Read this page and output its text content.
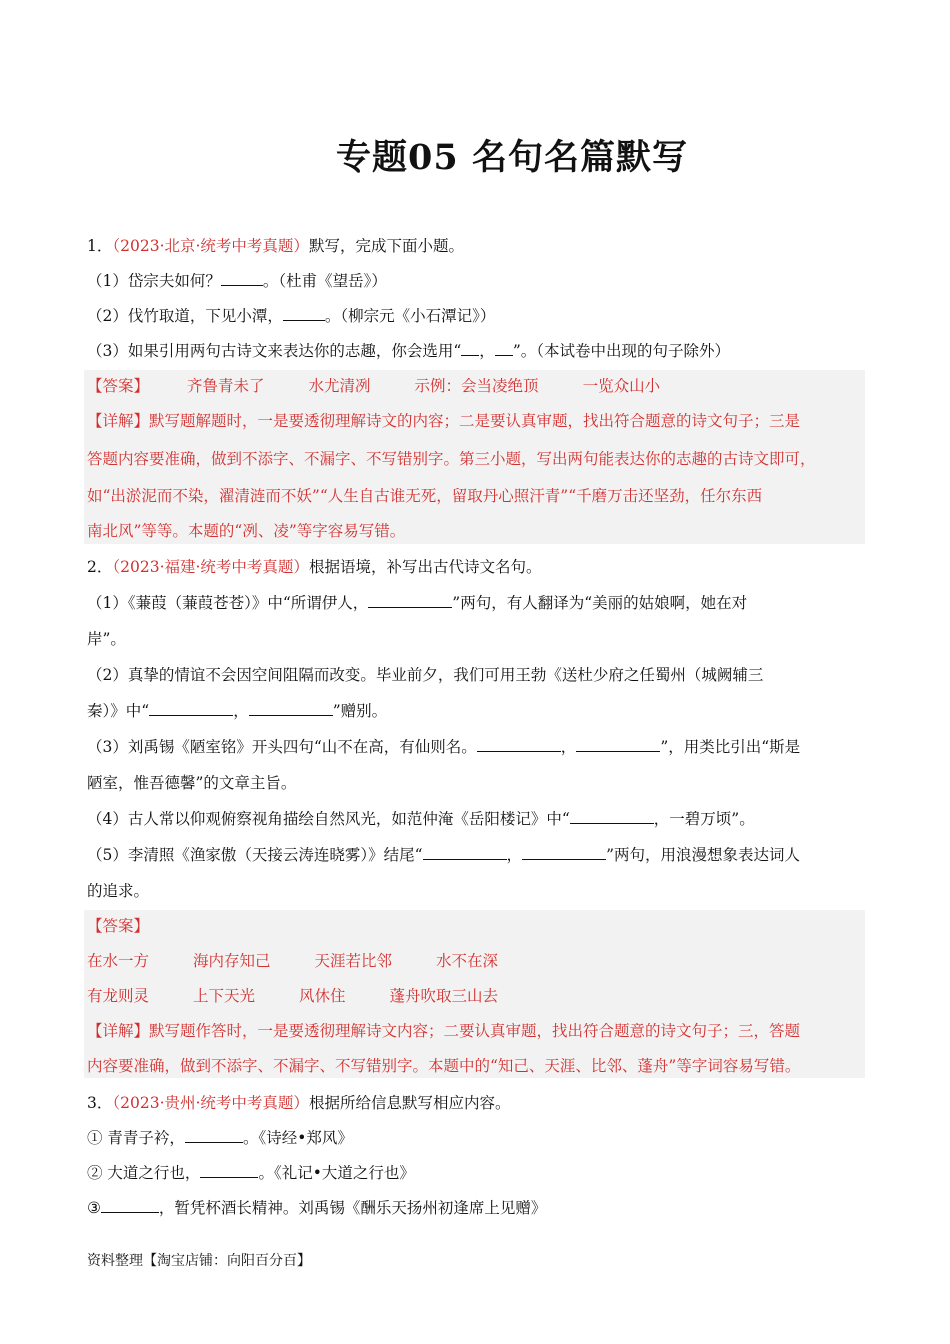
专题05 名句名篇默写
1．（2023·北京·统考中考真题）默写，完成下面小题。
（1）岱宗夫如何？	。（杜甫《望岳》）
（2）伐竹取道，下见小潭，	。（柳宗元《小石潭记》）
（3）如果引用两句古诗文来表达你的志趣，你会选用“ ， ”。（本试卷中出现的句子除外）
【答案】 齐鲁青未了	水尤清冽	示例：会当凌绝顶	一览众山小
【详解】默写题解题时，一是要透彻理解诗文的内容；二是要认真审题，找出符合题意的诗文句子；三是
答题内容要准确，做到不添字、不漏字、不写错别字。第三小题，写出两句能表达你的志趣的古诗文即可，
如“出淤泥而不染，濯清涟而不妖”“人生自古谁无死，留取丹心照汗青”“千磨万击还坚劲，任尔东西
南北风”等等。本题的“冽、凌”等字容易写错。
2．（2023·福建·统考中考真题）根据语境，补写出古代诗文名句。
（1）《蒹葭（蒹葭苍苍）》中“所谓伊人，	”两句，有人翻译为“美丽的姑娘啊，她在对
岸”。
（2）真挚的情谊不会因空间阻隔而改变。毕业前夕，我们可用王勃《送杜少府之任蜀州（城阙辅三
秦）》中“	，	”赠别。
（3）刘禹锡《陋室铭》开头四句“山不在高，有仙则名。	，	”，用类比引出“斯是
陋室，惟吾德馨”的文章主旨。
（4）古人常以仰观俯察视角描绘自然风光，如范仲淹《岳阳楼记》中“	，一碧万顷”。
（5）李清照《渔家傲（天接云涛连晓雾）》结尾“	，	”两句，用浪漫想象表达词人
的追求。
【答案】
在水一方	海内存知己	天涯若比邻	水不在深
有龙则灵	上下天光	风休住	蓬舟吹取三山去
【详解】默写题作答时，一是要透彻理解诗文内容；二要认真审题，找出符合题意的诗文句子；三，答题
内容要准确，做到不添字、不漏字、不写错别字。本题中的“知己、天涯、比邻、蓬舟”等字词容易写错。
3．（2023·贵州·统考中考真题）根据所给信息默写相应内容。
① 青青子衿，	。《诗经•郑风》
② 大道之行也，	。《礼记•大道之行也》
③	，暂凭杯酒长精神。刘禹锡《酬乐天扬州初逢席上见赠》
资料整理【淘宝店铺：向阳百分百】
